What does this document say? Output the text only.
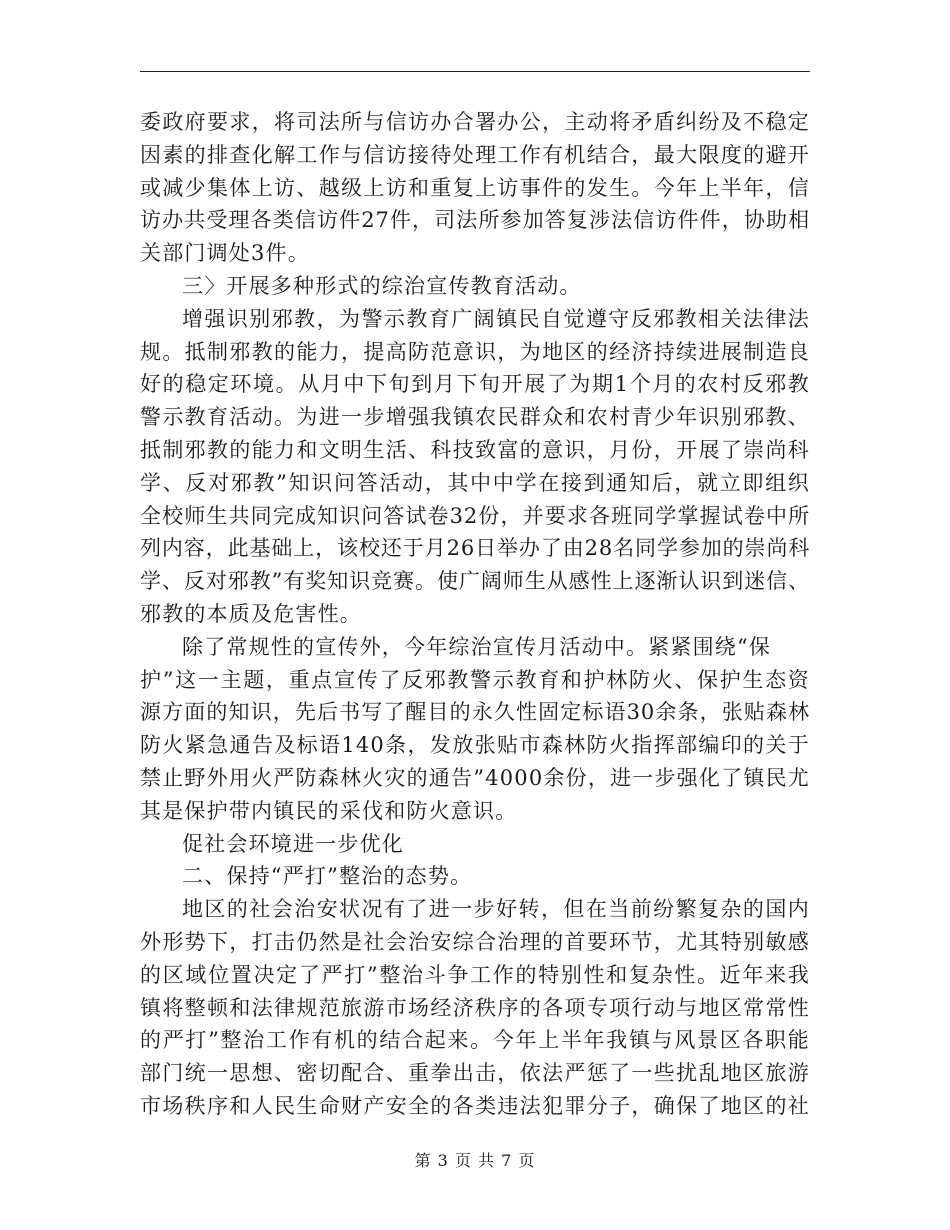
委政府要求，将司法所与信访办合署办公，主动将矛盾纠纷及不稳定
因素的排查化解工作与信访接待处理工作有机结合，最大限度的避开
或减少集体上访、越级上访和重复上访事件的发生。今年上半年，信
访办共受理各类信访件27件，司法所参加答复涉法信访件件，协助相
关部门调处3件。
三〉开展多种形式的综治宣传教育活动。
增强识别邪教，为警示教育广阔镇民自觉遵守反邪教相关法律法
规。抵制邪教的能力，提高防范意识，为地区的经济持续进展制造良
好的稳定环境。从月中下旬到月下旬开展了为期1个月的农村反邪教
警示教育活动。为进一步增强我镇农民群众和农村青少年识别邪教、
抵制邪教的能力和文明生活、科技致富的意识，月份，开展了崇尚科
学、反对邪教”知识问答活动，其中中学在接到通知后，就立即组织
全校师生共同完成知识问答试卷32份，并要求各班同学掌握试卷中所
列内容，此基础上，该校还于月26日举办了由28名同学参加的崇尚科
学、反对邪教”有奖知识竞赛。使广阔师生从感性上逐渐认识到迷信、
邪教的本质及危害性。
除了常规性的宣传外，今年综治宣传月活动中。紧紧围绕“保
护”这一主题，重点宣传了反邪教警示教育和护林防火、保护生态资
源方面的知识，先后书写了醒目的永久性固定标语30余条，张贴森林
防火紧急通告及标语140条，发放张贴市森林防火指挥部编印的关于
禁止野外用火严防森林火灾的通告”4000余份，进一步强化了镇民尤
其是保护带内镇民的采伐和防火意识。
促社会环境进一步优化
二、保持“严打”整治的态势。
地区的社会治安状况有了进一步好转，但在当前纷繁复杂的国内
外形势下，打击仍然是社会治安综合治理的首要环节，尤其特别敏感
的区域位置决定了严打”整治斗争工作的特别性和复杂性。近年来我
镇将整顿和法律规范旅游市场经济秩序的各项专项行动与地区常常性
的严打”整治工作有机的结合起来。今年上半年我镇与风景区各职能
部门统一思想、密切配合、重拳出击，依法严惩了一些扰乱地区旅游
市场秩序和人民生命财产安全的各类违法犯罪分子，确保了地区的社
第 3 页 共 7 页
